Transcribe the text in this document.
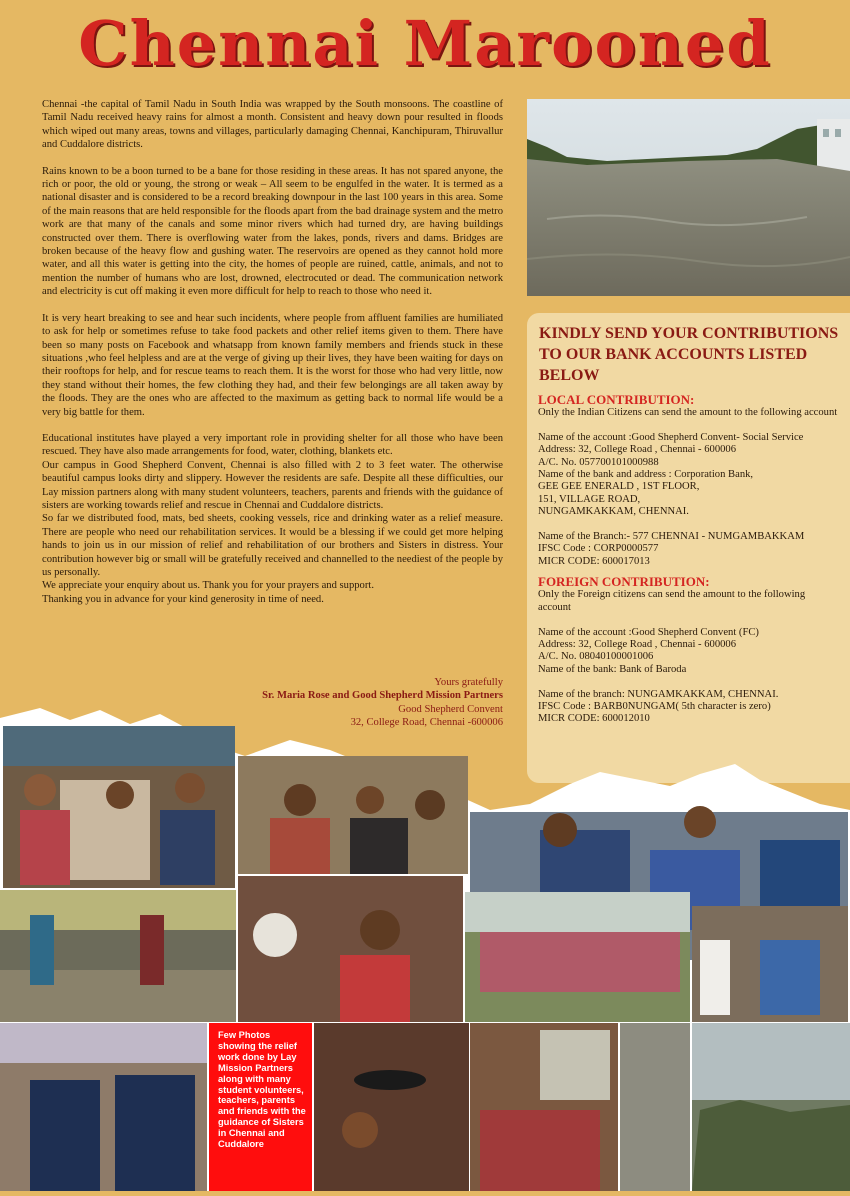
Chennai Marooned

Chennai -the capital of Tamil Nadu in South India was wrapped by the South monsoons. The coastline of Tamil Nadu received heavy rains for almost a month. Consistent and heavy down pour resulted in floods which wiped out many areas, towns and villages, particularly damaging Chennai, Kanchipuram, Thiruvallur and Cuddalore districts.

Rains known to be a boon turned to be a bane for those residing in these areas. It has not spared anyone, the rich or poor, the old or young, the strong or weak – All seem to be engulfed in the water. It is termed as a national disaster and is considered to be a record breaking downpour in the last 100 years in this area. Some of the main reasons that are held responsible for the floods apart from the bad drainage system and the metro work are that many of the canals and some minor rivers which had turned dry, are having buildings constructed over them. There is overflowing water from the lakes, ponds, rivers and dams. Bridges are broken because of the heavy flow and gushing water. The reservoirs are opened as they cannot hold more water, and all this water is getting into the city, the homes of people are ruined, cattle, animals, and not to mention the number of humans who are lost, drowned, electrocuted or dead. The communication network and electricity is cut off making it even more difficult for help to reach to those who need it.

It is very heart breaking to see and hear such incidents, where people from affluent families are humiliated to ask for help or sometimes refuse to take food packets and other relief items given to them. There have been so many posts on Facebook and whatsapp from known family members and friends stuck in these situations ,who feel helpless and are at the verge of giving up their lives, they have been waiting for days on their rooftops for help, and for rescue teams to reach them. It is the worst for those who had very little, now they stand without their homes, the few clothing they had, and their few belongings are all taken away by the floods. They are the ones who are affected to the maximum as getting back to normal life would be a very big battle for them.

Educational institutes have played a very important role in providing shelter for all those who have been rescued. They have also made arrangements for food, water, clothing, blankets etc.

Our campus in Good Shepherd Convent, Chennai is also filled with 2 to 3 feet water. The otherwise beautiful campus looks dirty and slippery. However the residents are safe. Despite all these difficulties, our Lay mission partners along with many student volunteers, teachers, parents and friends with the guidance of sisters are working towards relief and rescue in Chennai and Cuddalore districts.

So far we distributed food, mats, bed sheets, cooking vessels, rice and drinking water as a relief measure. There are people who need our rehabilitation services. It would be a blessing if we could get more helping hands to join us in our mission of relief and rehabilitation of our brothers and Sisters in distress. Your contribution however big or small will be gratefully received and channelled to the neediest of the people by us personally.

We appreciate your enquiry about us. Thank you for your prayers and support.

Thanking you in advance for your kind generosity in time of need.

Yours gratefully
Sr. Maria Rose and Good Shepherd Mission Partners
Good Shepherd Convent
32, College Road, Chennai -600006
KINDLY SEND YOUR CONTRIBUTIONS TO OUR BANK ACCOUNTS LISTED BELOW
LOCAL CONTRIBUTION:
Only the Indian Citizens can send the amount to the following account

Name of the account :Good Shepherd Convent- Social Service
Address: 32, College Road , Chennai - 600006
A/C. No. 057700101000988
Name of the bank and address : Corporation Bank,
GEE GEE ENERALD , 1ST FLOOR,
151, VILLAGE ROAD,
NUNGAMKAKKAM, CHENNAI.

Name of the Branch:- 577 CHENNAI - NUMGAMBAKKAM
IFSC Code : CORP0000577
MICR CODE: 600017013
FOREIGN CONTRIBUTION:
Only the Foreign citizens can send the amount to the following account

Name of the account :Good Shepherd Convent (FC)
Address: 32, College Road , Chennai - 600006
A/C. No. 08040100001006
Name of the bank: Bank of Baroda

Name of the branch: NUNGAMKAKKAM, CHENNAI.
IFSC Code : BARB0NUNGAM( 5th character is zero)
MICR CODE: 600012010
Few Photos showing the relief work done by Lay Mission Partners along with many student volunteers, teachers, parents and friends with the guidance of Sisters in Chennai and Cuddalore
